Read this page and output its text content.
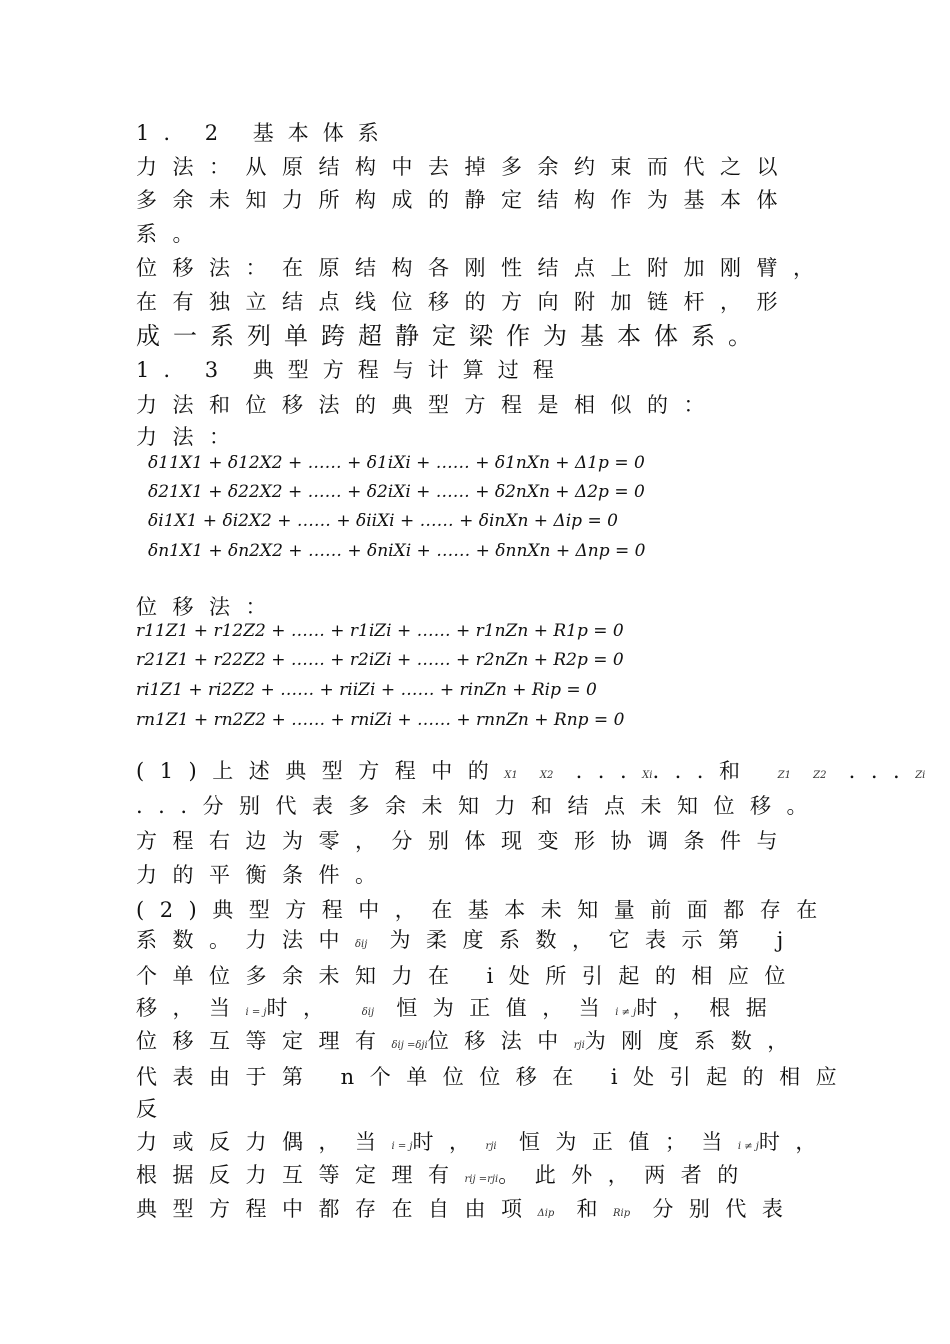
1. 2 基本体系
力法：从原结构中去掉多余约束而代之以
多余未知力所构成的静定结构作为基本体
系。
位移法：在原结构各刚性结点上附加刚臂，
在有独立结点线位移的方向附加链杆，形
成一系列单跨超静定梁作为基本体系。
1. 3 典型方程与计算过程
力法和位移法的典型方程是相似的：
力法：
δ11X1 + δ12X2 + …… + δ1iXi + …… + δ1nXn + Δ1p = 0
δ21X1 + δ22X2 + …… + δ2iXi + …… + δ2nXn + Δ2p = 0
δi1X1 + δi2X2 + …… + δiiXi + …… + δinXn + Δip = 0
δn1X1 + δn2X2 + …… + δniXi + …… + δnnXn + Δnp = 0
位移法：
r11Z1 + r12Z2 + …… + r1iZi + …… + r1nZn + R1p = 0
r21Z1 + r22Z2 + …… + r2iZi + …… + r2nZn + R2p = 0
ri1Z1 + ri2Z2 + …… + riiZi + …… + rinZn + Rip = 0
rn1Z1 + rn2Z2 + …… + rniZi + …… + rnnZn + Rnp = 0
(1)上述典型方程中的X1 X2 ...Xi...和 Z1 Z2 ...Zi
...分别代表多余未知力和结点未知位移。
方程右边为零，分别体现变形协调条件与
力的平衡条件。
(2)典型方程中，在基本未知量前面都存在
系数。力法中δij 为柔度系数，它表示第 j
个单位多余未知力在 i处所引起的相应位
移，当i = j时， δij 恒为正值，当i ≠ j时，根据
位移互等定理有δij =δji位移法中rji为刚度系数，
代表由于第 n个单位位移在 i处引起的相应
反
力或反力偶，当i = j时，rji 恒为正值；当i ≠ j时，
根据反力互等定理有rij =rji。此外，两者的
典型方程中都存在自由项Δip 和Rip 分别代表
